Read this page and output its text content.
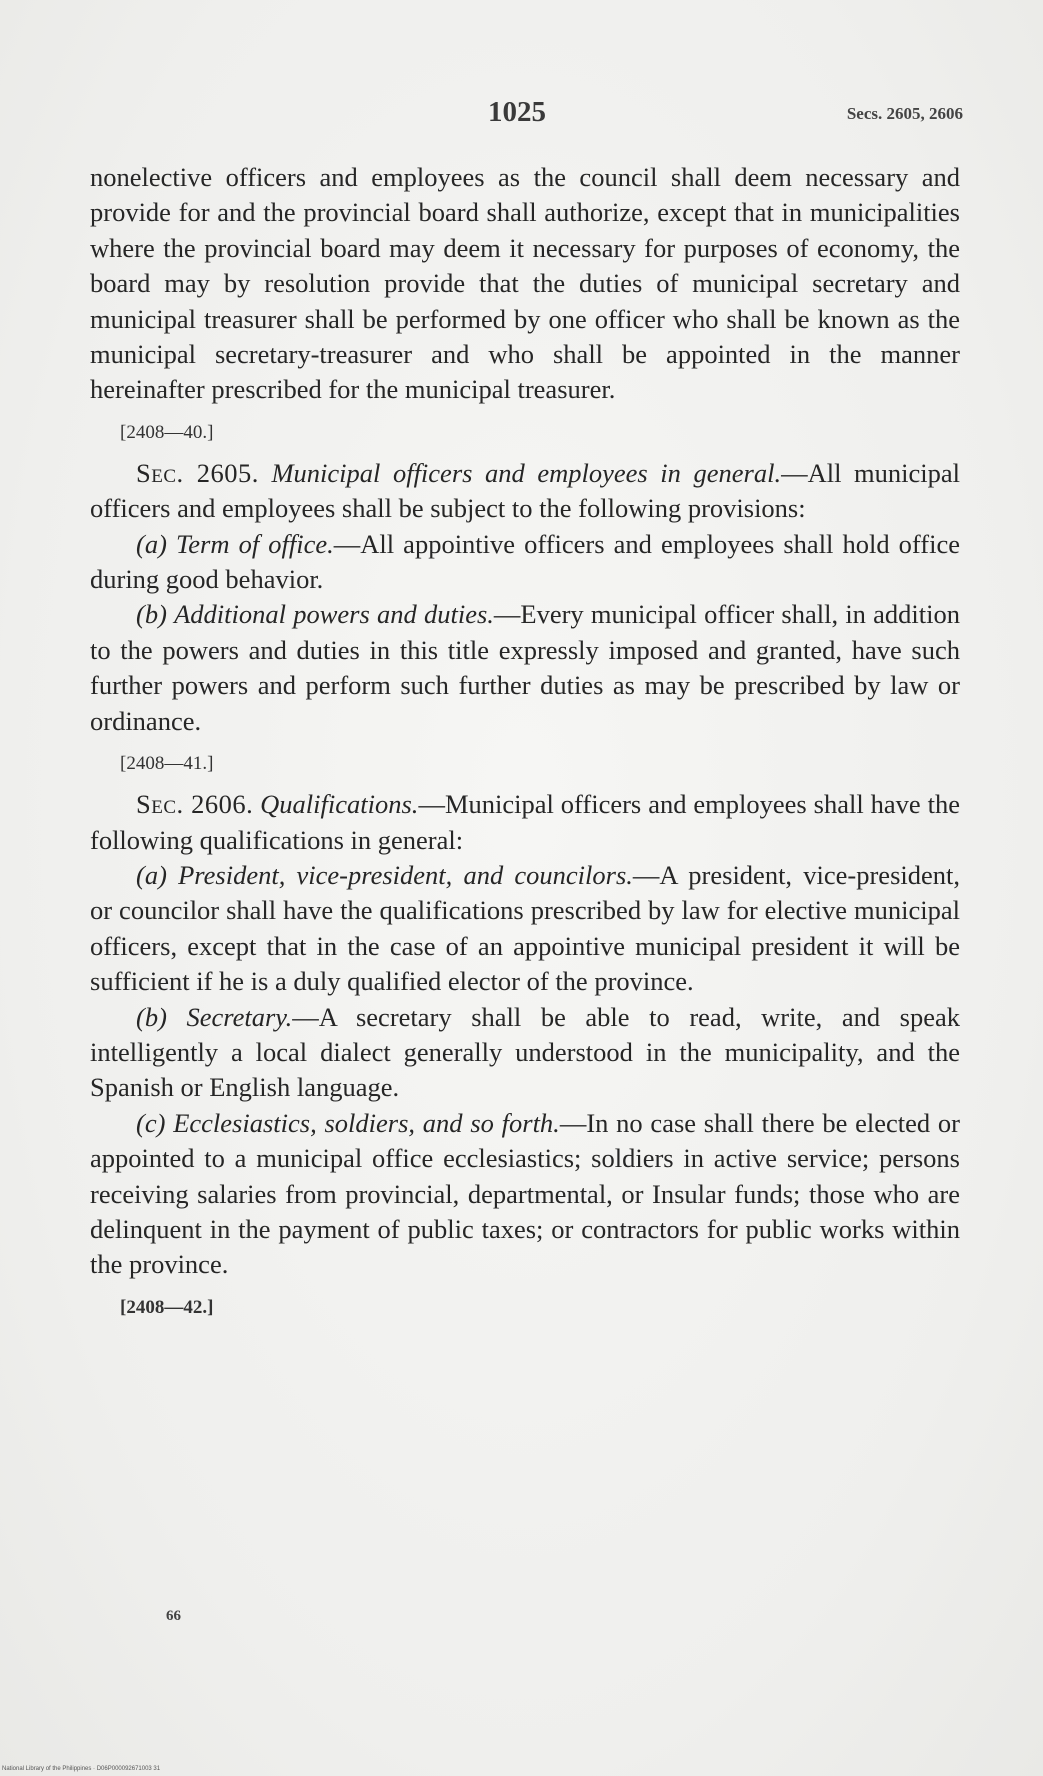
1025	Secs. 2605, 2606

nonelective officers and employees as the council shall deem necessary and provide for and the provincial board shall authorize, except that in municipalities where the provincial board may deem it necessary for purposes of economy, the board may by resolution provide that the duties of municipal secretary and municipal treasurer shall be performed by one officer who shall be known as the municipal secretary-treasurer and who shall be appointed in the manner hereinafter prescribed for the municipal treasurer.

[2408—40.]

Sec. 2605. Municipal officers and employees in general.—All municipal officers and employees shall be subject to the following provisions:

(a) Term of office.—All appointive officers and employees shall hold office during good behavior.

(b) Additional powers and duties.—Every municipal officer shall, in addition to the powers and duties in this title expressly imposed and granted, have such further powers and perform such further duties as may be prescribed by law or ordinance.

[2408—41.]

Sec. 2606. Qualifications.—Municipal officers and employees shall have the following qualifications in general:

(a) President, vice-president, and councilors.—A president, vice-president, or councilor shall have the qualifications prescribed by law for elective municipal officers, except that in the case of an appointive municipal president it will be sufficient if he is a duly qualified elector of the province.

(b) Secretary.—A secretary shall be able to read, write, and speak intelligently a local dialect generally understood in the municipality, and the Spanish or English language.

(c) Ecclesiastics, soldiers, and so forth.—In no case shall there be elected or appointed to a municipal office ecclesiastics; soldiers in active service; persons receiving salaries from provincial, departmental, or Insular funds; those who are delinquent in the payment of public taxes; or contractors for public works within the province.

[2408—42.]

66
National Library of the Philippines · D06P000092671003 31
